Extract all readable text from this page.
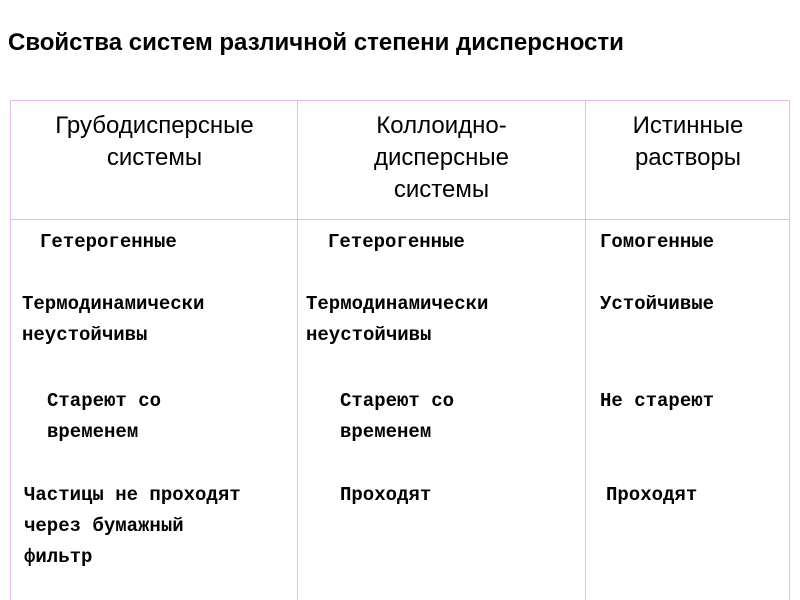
Свойства систем различной степени дисперсности
Грубодисперсные
системы
Коллоидно-
дисперсные
системы
Истинные
растворы
Гетерогенные
Термодинамически
неустойчивы
Стареют со
временем
Частицы не проходят
через бумажный
фильтр
Гетерогенные
Термодинамически
неустойчивы
Стареют со
временем
Проходят
Гомогенные
Устойчивые
Не стареют
Проходят
